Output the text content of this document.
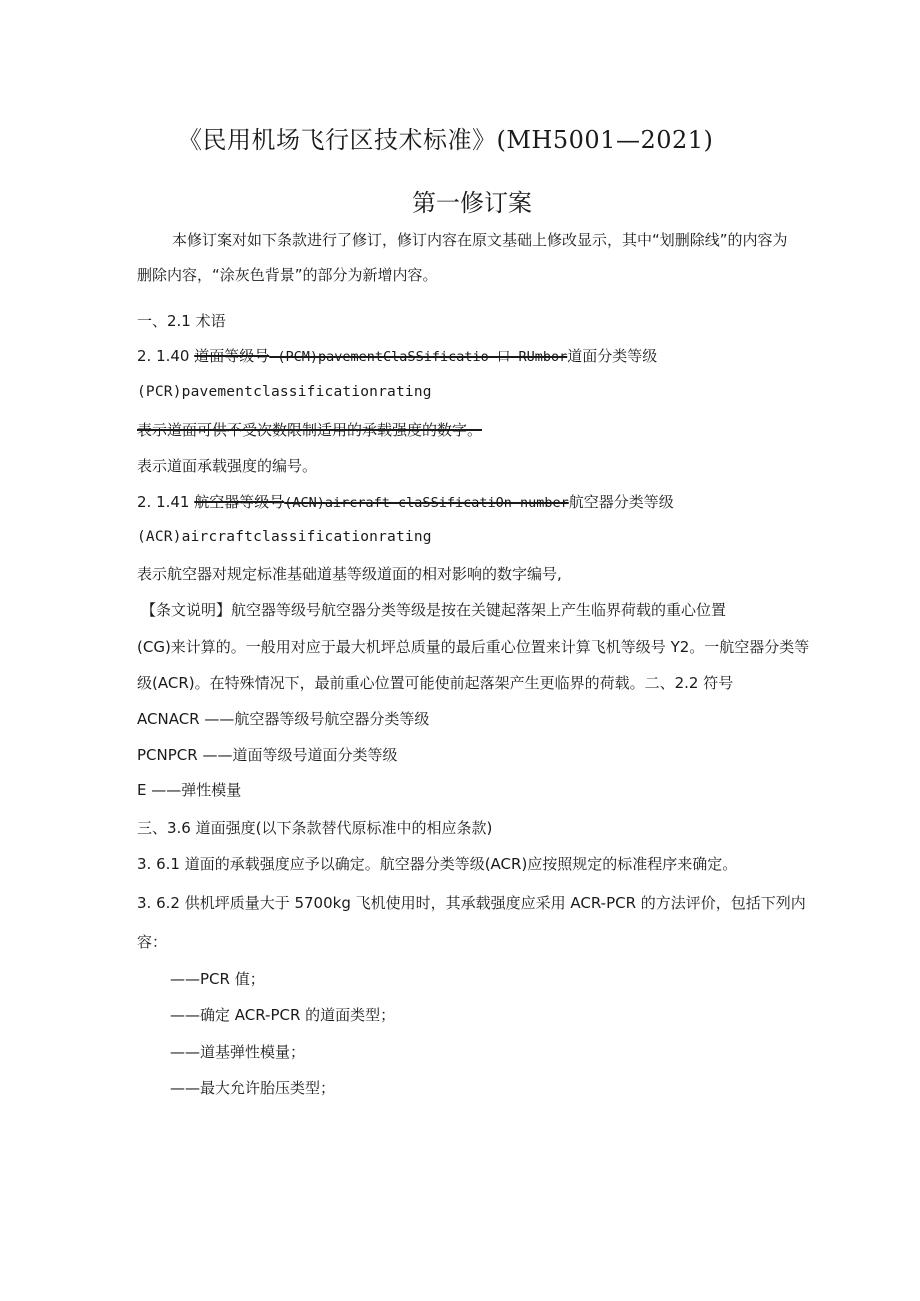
《民用机场飞行区技术标准》(MH5001—2021)
第一修订案
本修订案对如下条款进行了修订，修订内容在原文基础上修改显示，其中“划删除线”的内容为
删除内容，“涂灰色背景”的部分为新增内容。
一、2.1 术语
2. 1.40 道面等级号-(PCM)pavementClaSSificatio 口 RUmbor道面分类等级
(PCR)pavementclassificationrating
表示道面可供不受次数限制适用的承载强度的数字。
表示道面承载强度的编号。
2. 1.41 航空器等级号(ACN)aircraft-claSSificatiOn-number航空器分类等级
(ACR)aircraftclassificationrating
表示航空器对规定标准基础道基等级道面的相对影响的数字编号,
【条文说明】航空器等级号航空器分类等级是按在关键起落架上产生临界荷载的重心位置
(CG)来计算的。一般用对应于最大机坪总质量的最后重心位置来计算飞机等级号 Y2。一航空器分类等
级(ACR)。在特殊情况下，最前重心位置可能使前起落架产生更临界的荷载。二、2.2 符号
ACNACR ——航空器等级号航空器分类等级
PCNPCR ——道面等级号道面分类等级
E ——弹性模量
三、3.6 道面强度(以下条款替代原标准中的相应条款)
3. 6.1 道面的承载强度应予以确定。航空器分类等级(ACR)应按照规定的标准程序来确定。
3. 6.2 供机坪质量大于 5700kg 飞机使用时，其承载强度应采用 ACR-PCR 的方法评价，包括下列内
容：
——PCR 值；
——确定 ACR-PCR 的道面类型；
——道基弹性模量；
——最大允许胎压类型；
